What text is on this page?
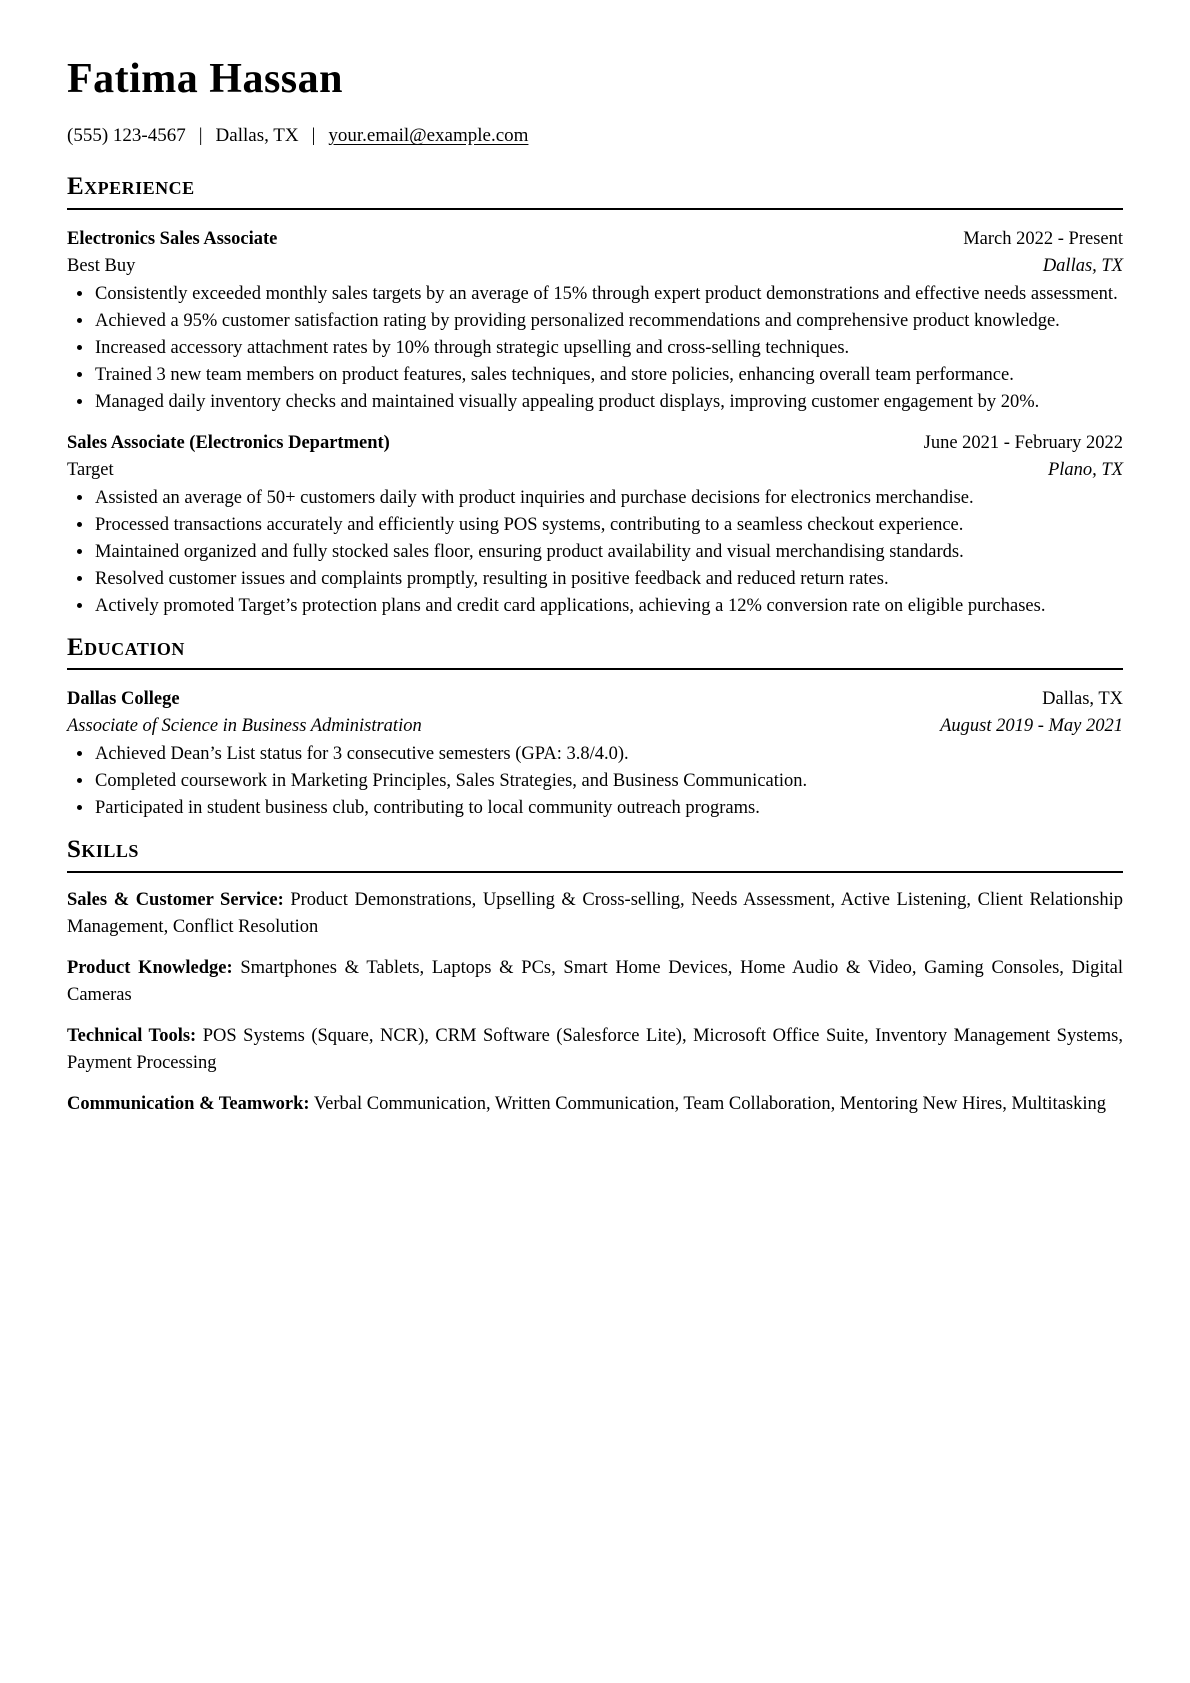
Fatima Hassan
(555) 123-4567 | Dallas, TX | your.email@example.com
Experience
Electronics Sales Associate	March 2022 - Present
Best Buy	Dallas, TX
• Consistently exceeded monthly sales targets by an average of 15% through expert product demonstrations and effective needs assessment.
• Achieved a 95% customer satisfaction rating by providing personalized recommendations and comprehensive product knowledge.
• Increased accessory attachment rates by 10% through strategic upselling and cross-selling techniques.
• Trained 3 new team members on product features, sales techniques, and store policies, enhancing overall team performance.
• Managed daily inventory checks and maintained visually appealing product displays, improving customer engagement by 20%.
Sales Associate (Electronics Department)	June 2021 - February 2022
Target	Plano, TX
• Assisted an average of 50+ customers daily with product inquiries and purchase decisions for electronics merchandise.
• Processed transactions accurately and efficiently using POS systems, contributing to a seamless checkout experience.
• Maintained organized and fully stocked sales floor, ensuring product availability and visual merchandising standards.
• Resolved customer issues and complaints promptly, resulting in positive feedback and reduced return rates.
• Actively promoted Target’s protection plans and credit card applications, achieving a 12% conversion rate on eligible purchases.
Education
Dallas College	Dallas, TX
Associate of Science in Business Administration	August 2019 - May 2021
• Achieved Dean’s List status for 3 consecutive semesters (GPA: 3.8/4.0).
• Completed coursework in Marketing Principles, Sales Strategies, and Business Communication.
• Participated in student business club, contributing to local community outreach programs.
Skills

Sales & Customer Service: Product Demonstrations, Upselling & Cross-selling, Needs Assessment, Active Listening, Client Relationship Management, Conflict Resolution

Product Knowledge: Smartphones & Tablets, Laptops & PCs, Smart Home Devices, Home Audio & Video, Gaming Consoles, Digital Cameras

Technical Tools: POS Systems (Square, NCR), CRM Software (Salesforce Lite), Microsoft Office Suite, Inventory Management Systems, Payment Processing

Communication & Teamwork: Verbal Communication, Written Communication, Team Collaboration, Mentoring New Hires, Multitasking
